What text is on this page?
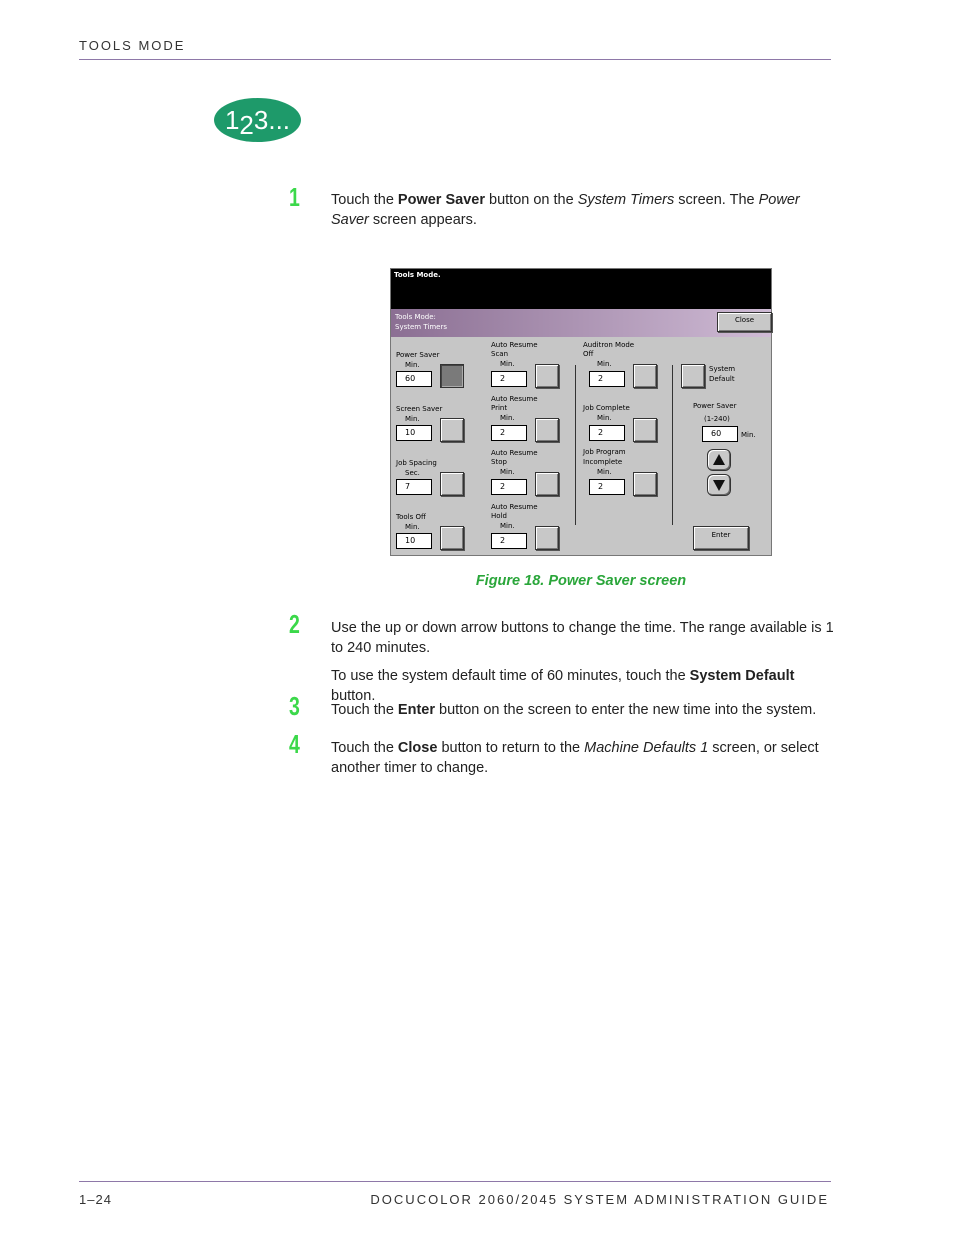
TOOLS MODE
123...
1 Touch the Power Saver button on the System Timers screen. The Power Saver screen appears.
Tools Mode.
Tools Mode:
System Timers
Close
Power Saver
Min.
60
Screen Saver
Min.
10
Job Spacing
Sec.
7
Tools Off
Min.
10
Auto Resume
Scan
Min.
2
Auto Resume
Print
Min.
2
Auto Resume
Stop
Min.
2
Auto Resume
Hold
Min.
2
Auditron Mode
Off
Min.
2
Job Complete
Min.
2
Job Program
Incomplete
Min.
2
System
Default
Power Saver
(1-240)
60	Min.
Enter
Figure 18. Power Saver screen
2 Use the up or down arrow buttons to change the time. The range available is 1 to 240 minutes.
To use the system default time of 60 minutes, touch the System Default button.
3 Touch the Enter button on the screen to enter the new time into the system.
4 Touch the Close button to return to the Machine Defaults 1 screen, or select another timer to change.
1–24	DOCUCOLOR 2060/2045 SYSTEM ADMINISTRATION GUIDE
